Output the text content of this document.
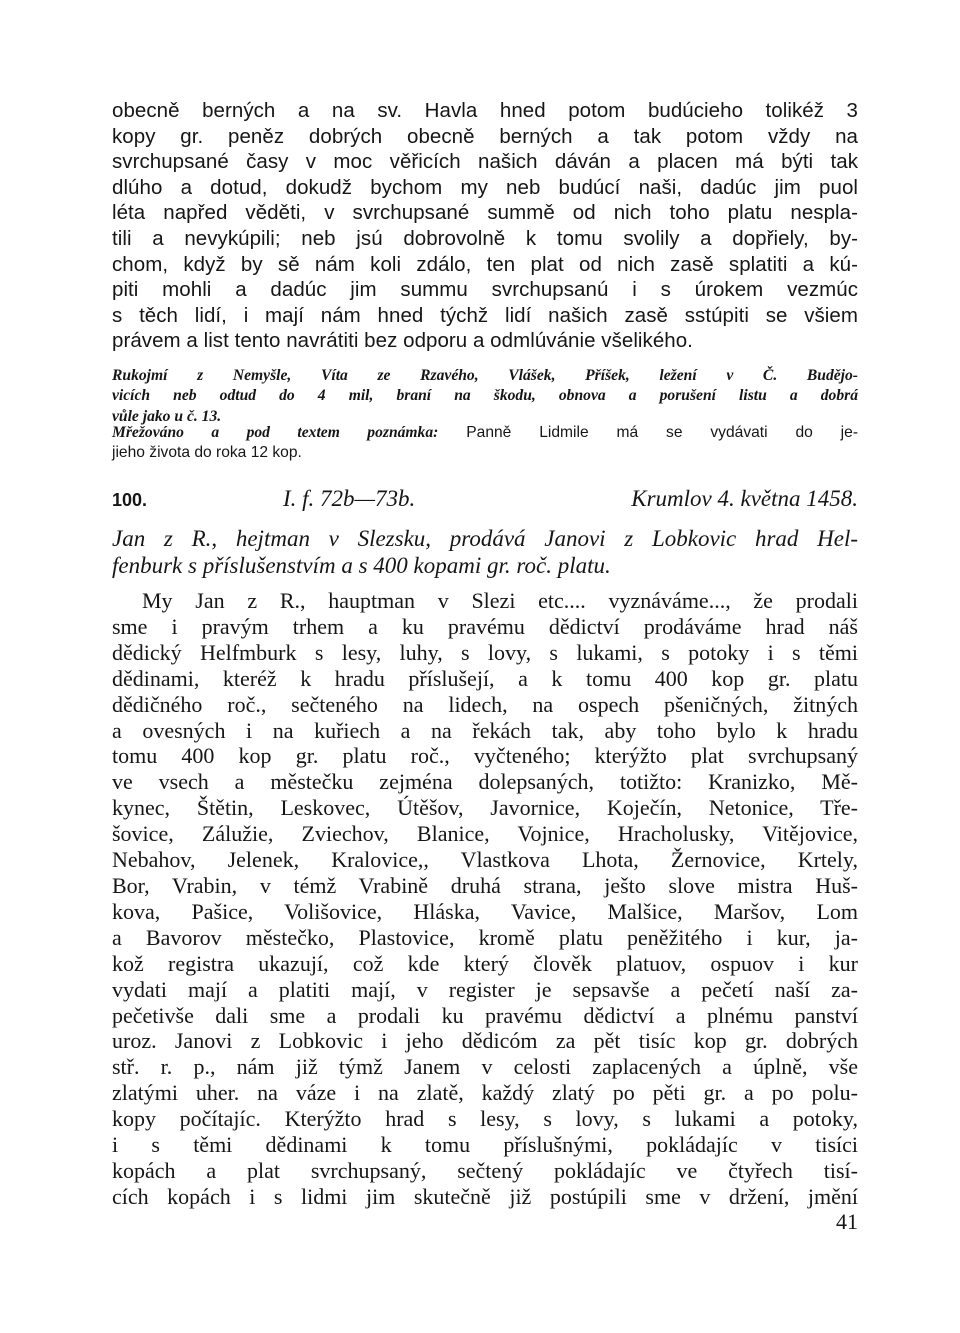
obecně berných a na sv. Havla hned potom budúcieho tolikéž 3
kopy gr. peněz dobrých obecně berných a tak potom vždy na
svrchupsané časy v moc věřicích našich dáván a placen má býti tak
dlúho a dotud, dokudž bychom my neb budúcí naši, dadúc jim puol
léta napřed věděti, v svrchupsané summě od nich toho platu nespla-
tili a nevykúpili; neb jsú dobrovolně k tomu svolily a dopřiely, by-
chom, když by sě nám koli zdálo, ten plat od nich zasě splatiti a kú-
piti mohli a dadúc jim summu svrchupsanú i s úrokem vezmúc
s těch lidí, i mají nám hned týchž lidí našich zasě sstúpiti se všiem
právem a list tento navrátiti bez odporu a odmlúvánie všelikého.
Rukojmí z Nemyšle, Víta ze Rzavého, Vlášek, Příšek, ležení v Č. Budějo-
vicích neb odtud do 4 mil, braní na škodu, obnova a porušení listu a dobrá
vůle jako u č. 13.
Mřežováno a pod textem poznámka: Panně Lidmile má se vydávati do je-
jieho života do roka 12 kop.
100.	I. f. 72b—73b.	Krumlov 4. května 1458.
Jan z R., hejtman v Slezsku, prodává Janovi z Lobkovic hrad Hel-
fenburk s příslušenstvím a s 400 kopami gr. roč. platu.
My Jan z R., hauptman v Slezi etc.... vyznáváme..., že prodali
sme i pravým trhem a ku pravému dědictví prodáváme hrad náš
dědický Helfmburk s lesy, luhy, s lovy, s lukami, s potoky i s těmi
dědinami, kteréž k hradu příslušejí, a k tomu 400 kop gr. platu
dědičného roč., sečteného na lidech, na ospech pšeničných, žitných
a ovesných i na kuřiech a na řekách tak, aby toho bylo k hradu
tomu 400 kop gr. platu roč., vyčteného; kterýžto plat svrchupsaný
ve vsech a městečku zejména dolepsaných, totižto: Kranizko, Mě-
kynec, Štětin, Leskovec, Útěšov, Javornice, Koječín, Netonice, Tře-
šovice, Zálužie, Zviechov, Blanice, Vojnice, Hracholusky, Vitějovice,
Nebahov, Jelenek, Kralovice,, Vlastkova Lhota, Žernovice, Krtely,
Bor, Vrabin, v témž Vrabině druhá strana, ješto slove mistra Huš-
kova, Pašice, Volišovice, Hláska, Vavice, Malšice, Maršov, Lom
a Bavorov městečko, Plastovice, kromě platu peněžitého i kur, ja-
kož registra ukazují, což kde který člověk platuov, ospuov i kur
vydati mají a platiti mají, v register je sepsavše a pečetí naší za-
pečetivše dali sme a prodali ku pravému dědictví a plnému panství
uroz. Janovi z Lobkovic i jeho dědicóm za pět tisíc kop gr. dobrých
stř. r. p., nám již týmž Janem v celosti zaplacených a úplně, vše
zlatými uher. na váze i na zlatě, každý zlatý po pěti gr. a po polu-
kopy počítajíc. Kterýžto hrad s lesy, s lovy, s lukami a potoky,
i s těmi dědinami k tomu příslušnými, pokládajíc v tisíci
kopách a plat svrchupsaný, sečtený pokládajíc ve čtyřech tisí-
cích kopách i s lidmi jim skutečně již postúpili sme v držení, jmění
41
